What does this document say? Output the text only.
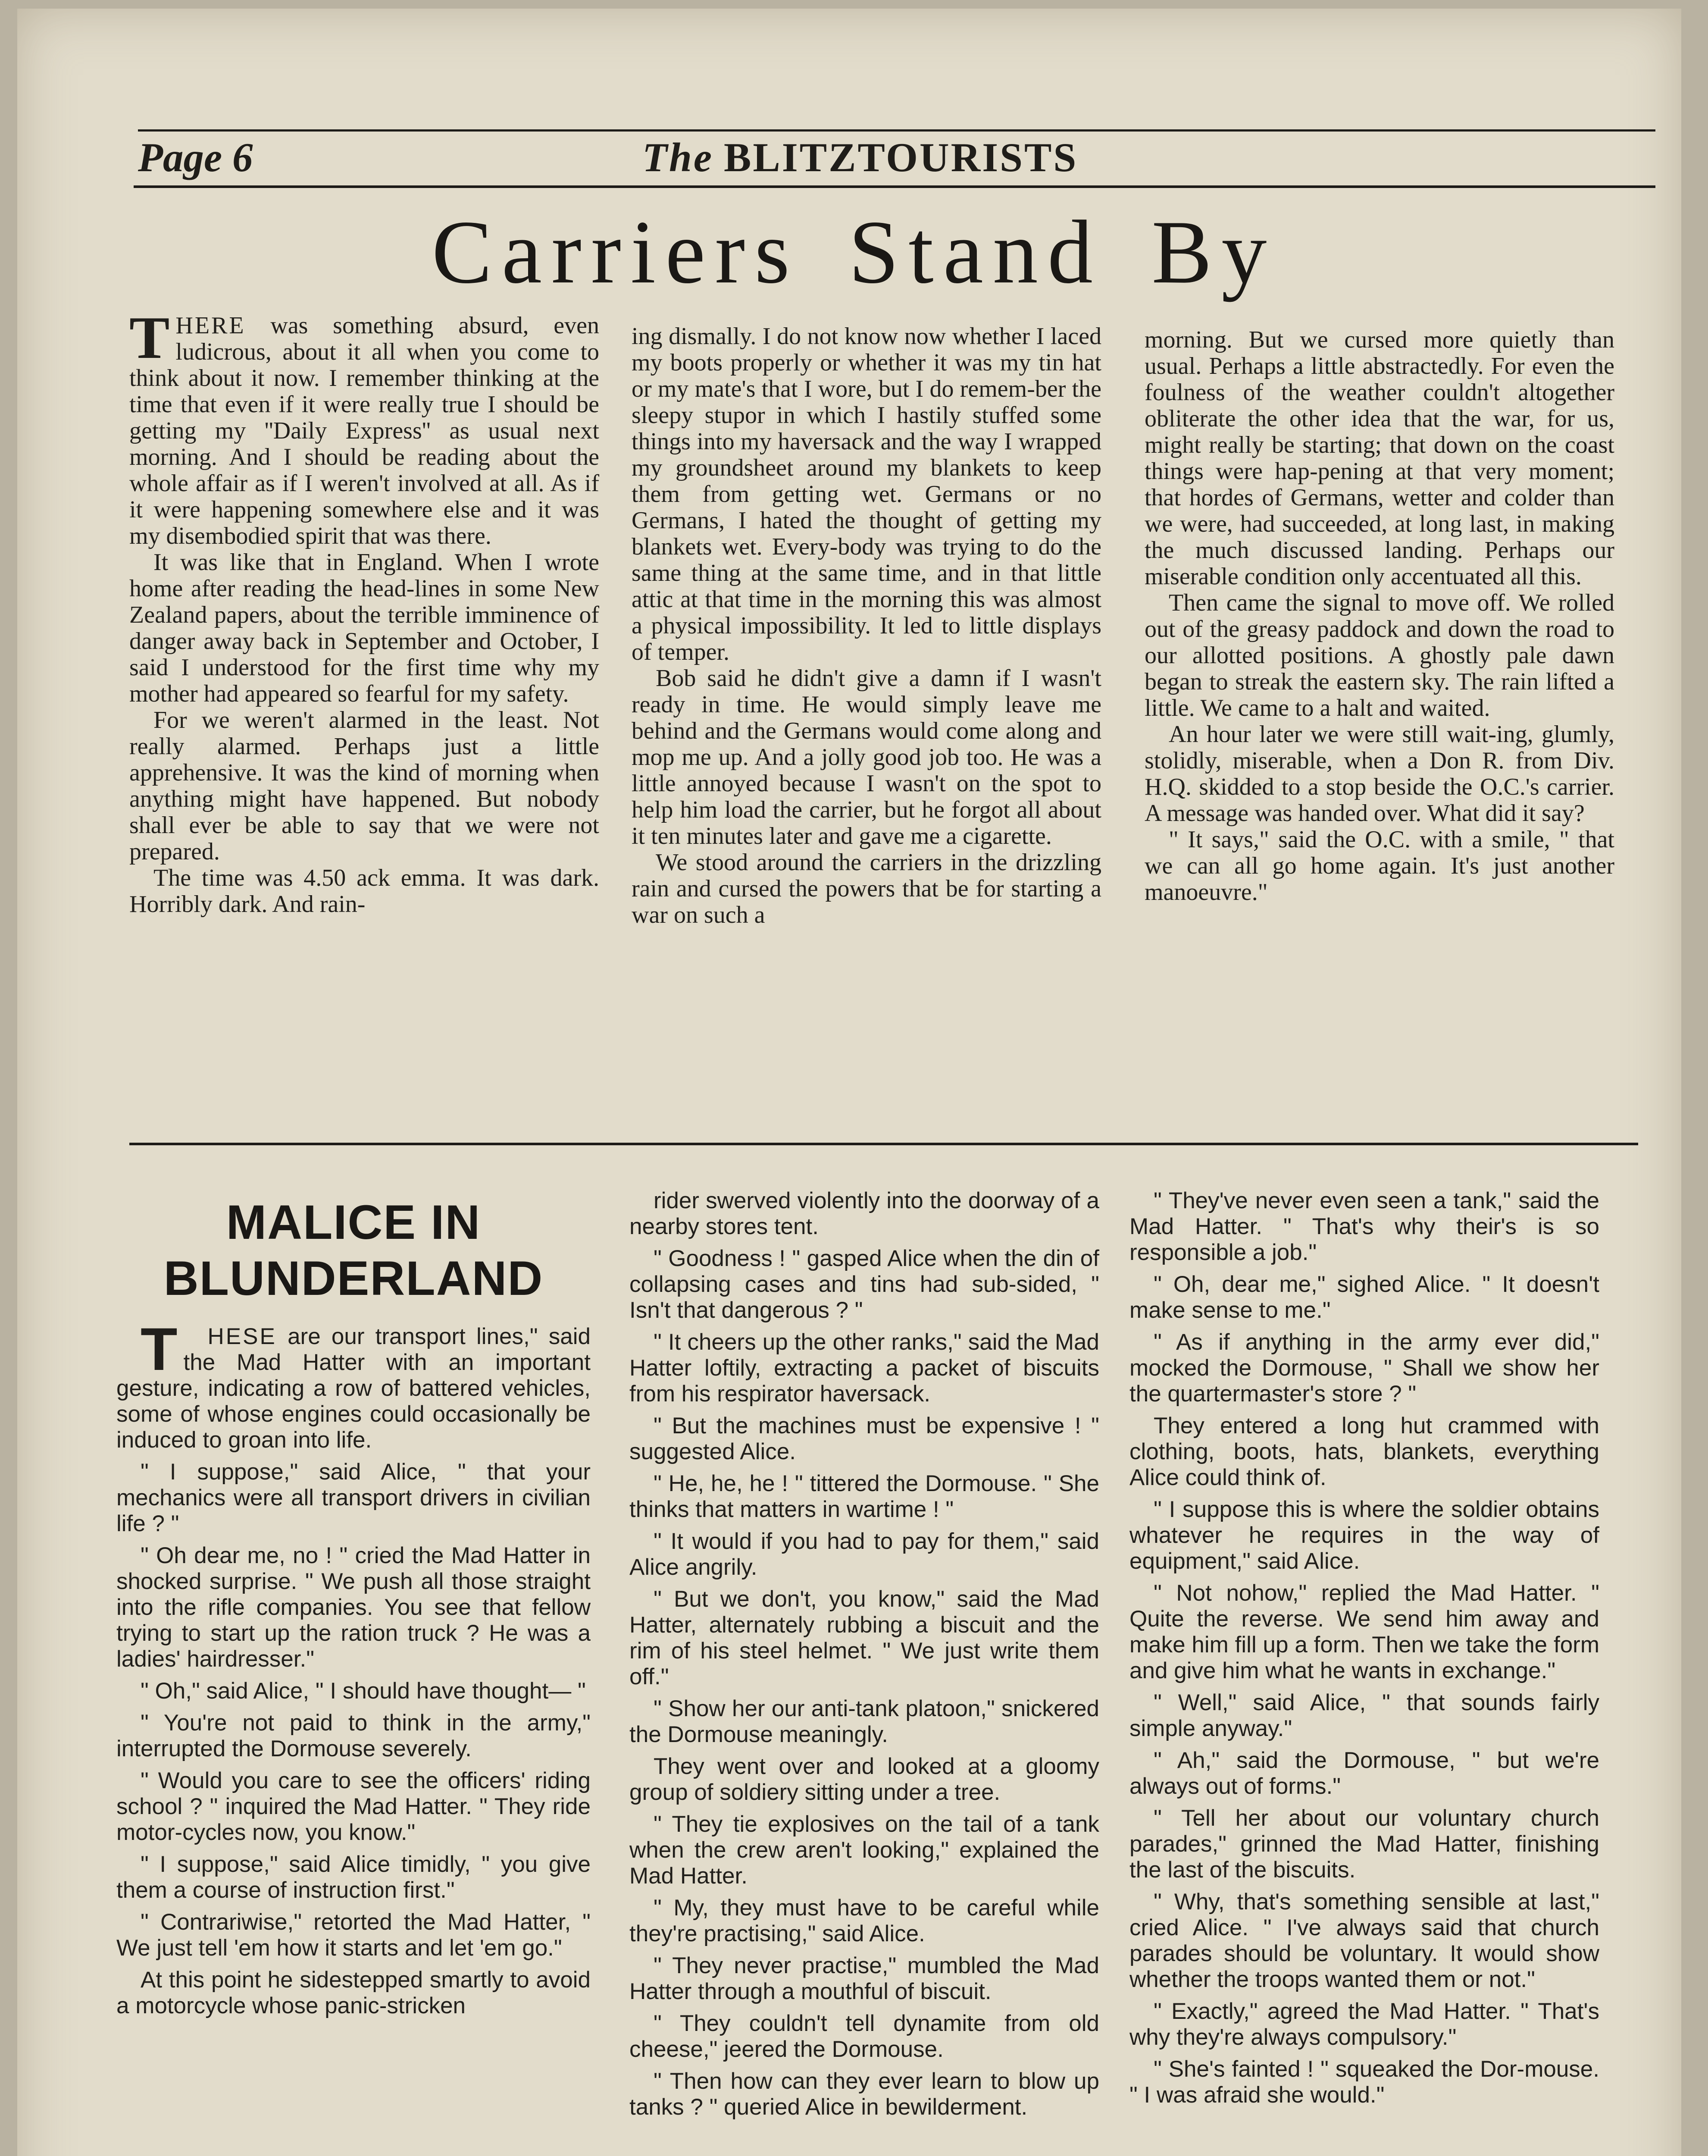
Page 6	The BLITZTOURISTS
Carriers Stand By

THERE was something absurd, even ludicrous, about it all when you come to think about it now. I remember thinking at the time that even if it were really true I should be getting my ''Daily Express'' as usual next morning. And I should be reading about the whole affair as if I weren't involved at all. As if it were happening somewhere else and it was my disembodied spirit that was there.

It was like that in England. When I wrote home after reading the head-lines in some New Zealand papers, about the terrible imminence of danger away back in September and October, I said I understood for the first time why my mother had appeared so fearful for my safety.

For we weren't alarmed in the least. Not really alarmed. Perhaps just a little apprehensive. It was the kind of morning when anything might have happened. But nobody shall ever be able to say that we were not prepared.

The time was 4.50 ack emma. It was dark. Horribly dark. And rain-

ing dismally. I do not know now whether I laced my boots properly or whether it was my tin hat or my mate's that I wore, but I do remem-ber the sleepy stupor in which I hastily stuffed some things into my haversack and the way I wrapped my groundsheet around my blankets to keep them from getting wet. Germans or no Germans, I hated the thought of getting my blankets wet. Every-body was trying to do the same thing at the same time, and in that little attic at that time in the morning this was almost a physical impossibility. It led to little displays of temper.

Bob said he didn't give a damn if I wasn't ready in time. He would simply leave me behind and the Germans would come along and mop me up. And a jolly good job too. He was a little annoyed because I wasn't on the spot to help him load the carrier, but he forgot all about it ten minutes later and gave me a cigarette.

We stood around the carriers in the drizzling rain and cursed the powers that be for starting a war on such a

morning. But we cursed more quietly than usual. Perhaps a little abstractedly. For even the foulness of the weather couldn't altogether obliterate the other idea that the war, for us, might really be starting; that down on the coast things were hap-pening at that very moment; that hordes of Germans, wetter and colder than we were, had succeeded, at long last, in making the much discussed landing. Perhaps our miserable condition only accentuated all this.

Then came the signal to move off. We rolled out of the greasy paddock and down the road to our allotted positions. A ghostly pale dawn began to streak the eastern sky. The rain lifted a little. We came to a halt and waited.

An hour later we were still wait-ing, glumly, stolidly, miserable, when a Don R. from Div. H.Q. skidded to a stop beside the O.C.'s carrier. A message was handed over. What did it say?

" It says," said the O.C. with a smile, " that we can all go home again. It's just another manoeuvre."

MALICE IN
BLUNDERLAND

T HESE are our transport lines," said the Mad Hatter with an important gesture, indicating a row of battered vehicles, some of whose engines could occasionally be induced to groan into life.

" I suppose," said Alice, " that your mechanics were all transport drivers in civilian life ? "

" Oh dear me, no ! " cried the Mad Hatter in shocked surprise. " We push all those straight into the rifle companies. You see that fellow trying to start up the ration truck ? He was a ladies' hairdresser."

" Oh," said Alice, " I should have thought— "

" You're not paid to think in the army," interrupted the Dormouse severely.

" Would you care to see the officers' riding school ? " inquired the Mad Hatter. " They ride motor-cycles now, you know."

" I suppose," said Alice timidly, " you give them a course of instruction first."

" Contrariwise," retorted the Mad Hatter, " We just tell 'em how it starts and let 'em go."

At this point he sidestepped smartly to avoid a motorcycle whose panic-stricken

rider swerved violently into the doorway of a nearby stores tent.

" Goodness ! " gasped Alice when the din of collapsing cases and tins had sub-sided, " Isn't that dangerous ? "

" It cheers up the other ranks," said the Mad Hatter loftily, extracting a packet of biscuits from his respirator haversack.

" But the machines must be expensive ! " suggested Alice.

" He, he, he ! " tittered the Dormouse. " She thinks that matters in wartime ! "

" It would if you had to pay for them," said Alice angrily.

" But we don't, you know," said the Mad Hatter, alternately rubbing a biscuit and the rim of his steel helmet. " We just write them off."

" Show her our anti-tank platoon," snickered the Dormouse meaningly.

They went over and looked at a gloomy group of soldiery sitting under a tree.

" They tie explosives on the tail of a tank when the crew aren't looking," explained the Mad Hatter.

" My, they must have to be careful while they're practising," said Alice.

" They never practise," mumbled the Mad Hatter through a mouthful of biscuit.

" They couldn't tell dynamite from old cheese," jeered the Dormouse.

" Then how can they ever learn to blow up tanks ? " queried Alice in bewilderment.

" They've never even seen a tank," said the Mad Hatter. " That's why their's is so responsible a job."

" Oh, dear me," sighed Alice. " It doesn't make sense to me."

" As if anything in the army ever did," mocked the Dormouse, " Shall we show her the quartermaster's store ? "

They entered a long hut crammed with clothing, boots, hats, blankets, everything Alice could think of.

" I suppose this is where the soldier obtains whatever he requires in the way of equipment," said Alice.

" Not nohow," replied the Mad Hatter. " Quite the reverse. We send him away and make him fill up a form. Then we take the form and give him what he wants in exchange."

" Well," said Alice, " that sounds fairly simple anyway."

" Ah," said the Dormouse, " but we're always out of forms."

" Tell her about our voluntary church parades," grinned the Mad Hatter, finishing the last of the biscuits.

" Why, that's something sensible at last," cried Alice. " I've always said that church parades should be voluntary. It would show whether the troops wanted them or not."

" Exactly," agreed the Mad Hatter. " That's why they're always compulsory."

" She's fainted ! " squeaked the Dor-mouse. " I was afraid she would."
